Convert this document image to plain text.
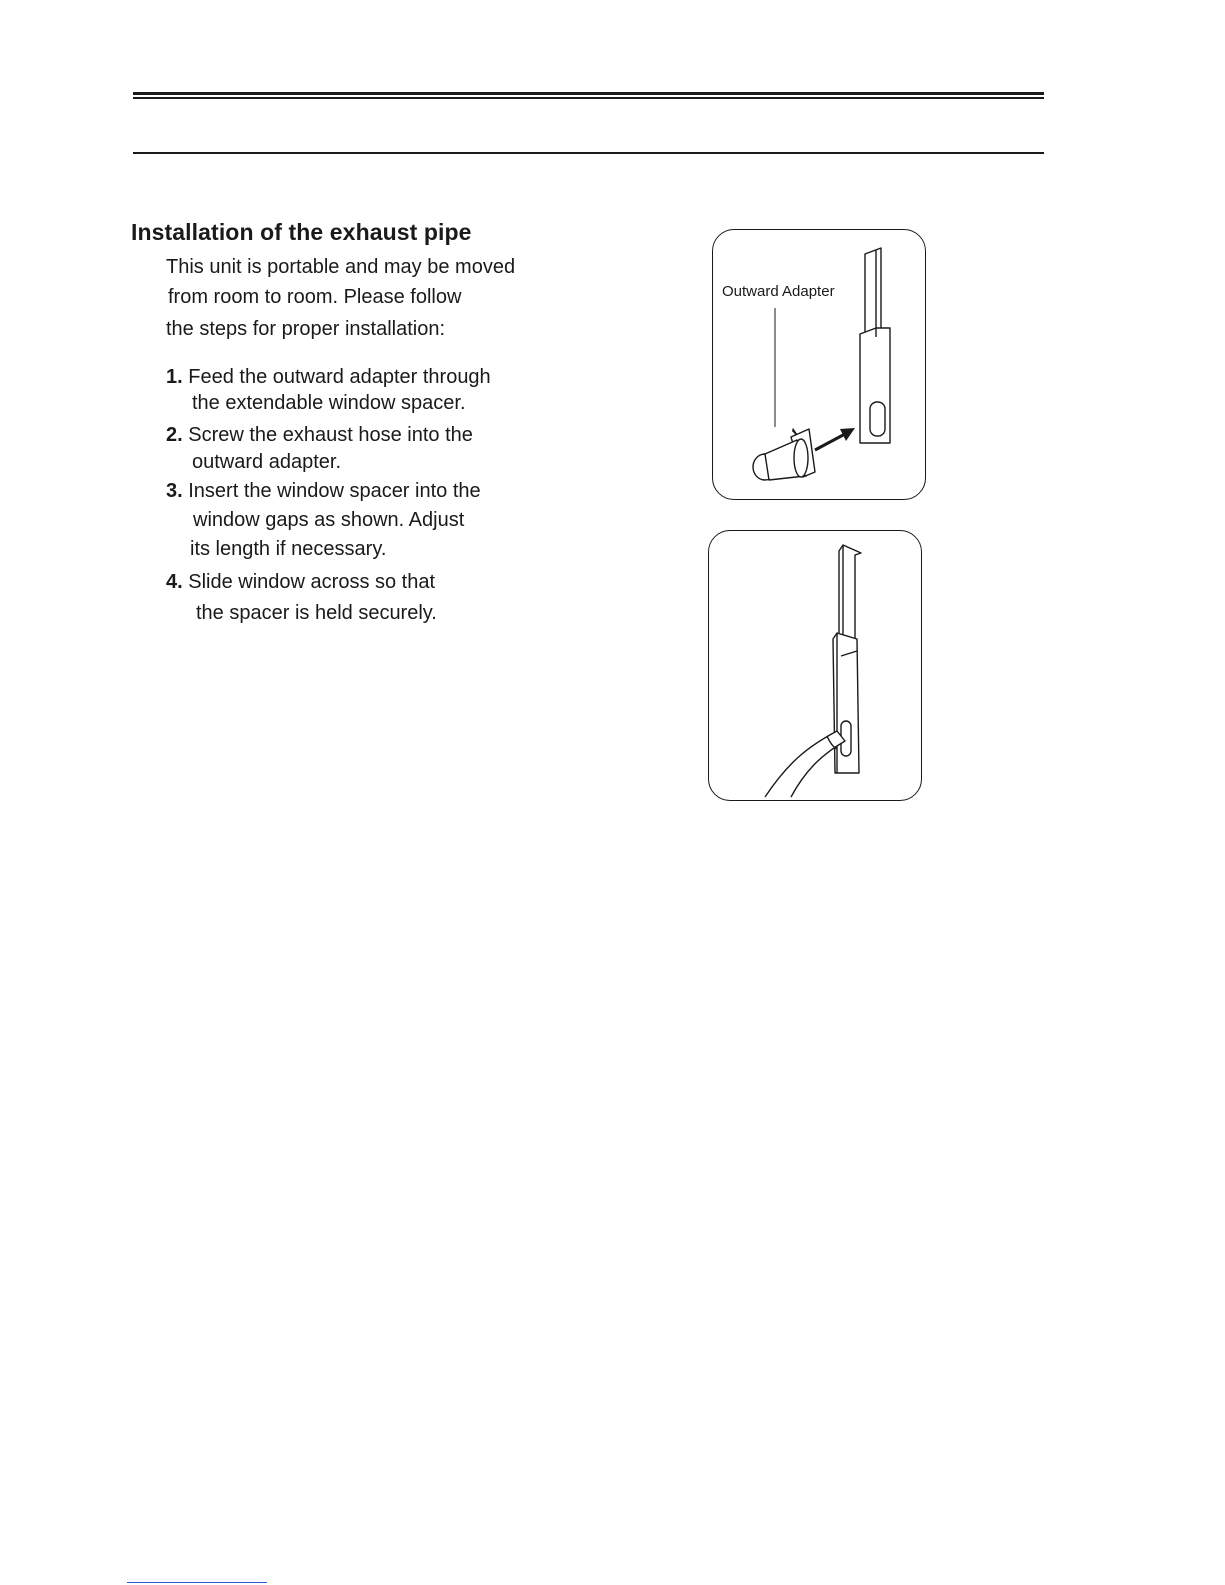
Installation of the exhaust pipe

This unit is portable and may be moved

from room to room. Please follow

the steps for proper installation:

1. Feed the outward adapter through

the extendable window spacer.

2. Screw the exhaust hose into the

outward adapter.

3. Insert the window spacer into the

window gaps as shown. Adjust

its length if necessary.

4. Slide window across so that

the spacer is held securely.

Outward Adapter
